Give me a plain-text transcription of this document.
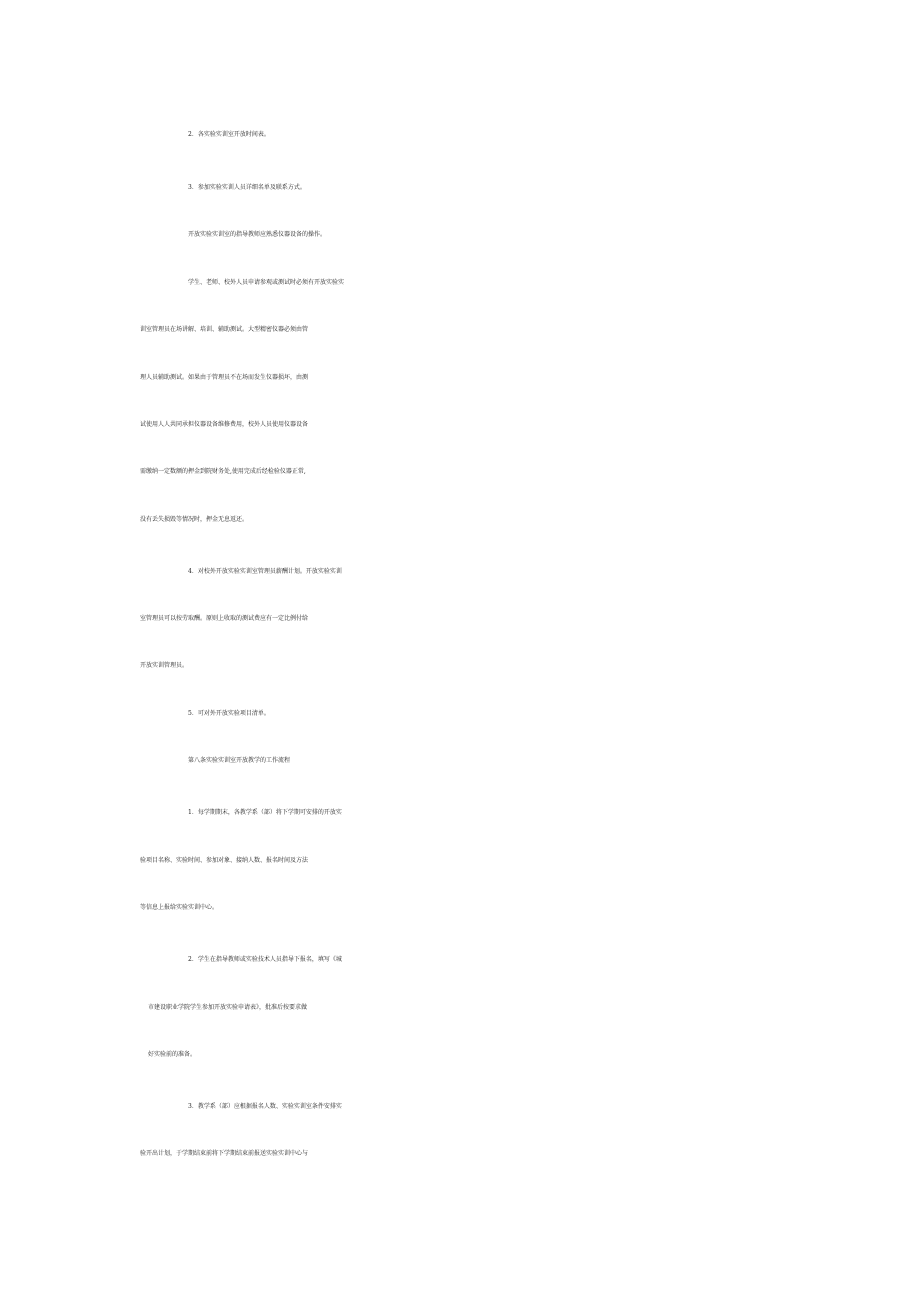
2．各实验实训室开放时间表。

3．参加实验实训人员详细名单及联系方式。

开放实验实训室的指导教师应熟悉仪器设备的操作。

学生、老师、校外人员申请参观或测试时必须有开放实验实

训室管理员在场讲解、培训、辅助测试。大型精密仪器必须由管

理人员辅助测试。如果由于管理员不在场而发生仪器损坏，由测

试使用人人共同承担仪器设备维修费用，校外人员使用仪器设备

需缴纳一定数额的押金到院财务处,使用完成后经检验仪器正常,

没有丢失损毁等情况时，押金无息返还。

4．对校外开放实验实训室管理员薪酬计划。开放实验实训

室管理员可以按劳取酬。原则上收取的测试费应有一定比例付给

开放实训管理员。

5．可对外开放实验项目清单。

第八条实验实训室开放教学的工作流程

1．每学期期末，各教学系（部）将下学期可安排的开放实

验项目名称、实验时间、参加对象、接纳人数、报名时间及方法

等信息上报给实验实训中心。

2．学生在指导教师或实验技术人员指导下报名，填写《城

市建设职业学院学生参加开放实验申请表》，批准后按要求做

好实验前的准备。

3．教学系（部）应根据报名人数、实验实训室条件安排实

验开出计划，于学期结束前将下学期结束前报送实验实训中心与
